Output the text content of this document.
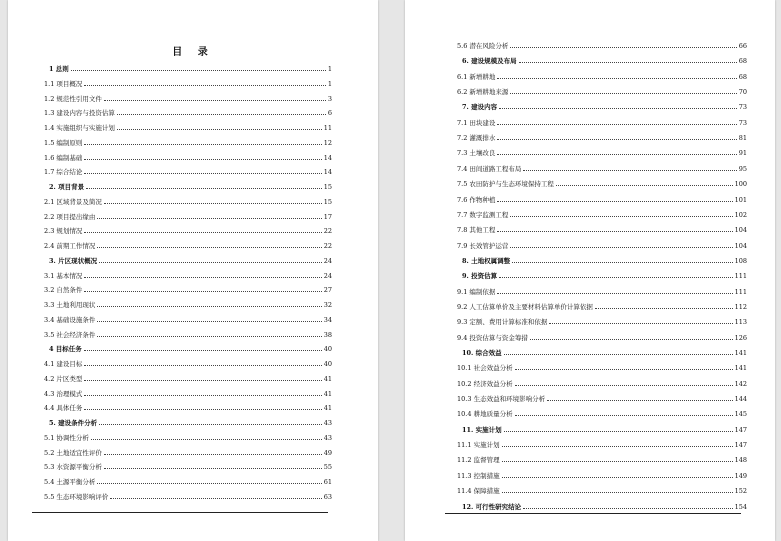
目 录
1 总则	1
1.1 项目概况	1
1.2 规范性引用文件	3
1.3 建设内容与投资估算	6
1.4 实施组织与实施计划	11
1.5 编制原则	12
1.6 编制基础	14
1.7 综合结论	14
2. 项目背景	15
2.1 区域背景及简况	15
2.2 项目提出缘由	17
2.3 规划情况	22
2.4 前期工作情况	22
3. 片区现状概况	24
3.1 基本情况	24
3.2 自然条件	27
3.3 土地利用现状	32
3.4 基础设施条件	34
3.5 社会经济条件	38
4 目标任务	40
4.1 建设目标	40
4.2 片区类型	41
4.3 治理模式	41
4.4 具体任务	41
5. 建设条件分析	43
5.1 协调性分析	43
5.2 土地适宜性评价	49
5.3 水资源平衡分析	55
5.4 土源平衡分析	61
5.5 生态环境影响评价	63
5.6 潜在风险分析	66
6. 建设规模及布局	68
6.1 新增耕地	68
6.2 新增耕地来源	70
7. 建设内容	73
7.1 田块建设	73
7.2 灌溉排水	81
7.3 土壤改良	91
7.4 田间道路工程布局	95
7.5 农田防护与生态环境保持工程	100
7.6 作物种植	101
7.7 数字监测工程	102
7.8 其他工程	104
7.9 长效管护运营	104
8. 土地权属调整	108
9. 投资估算	111
9.1 编制依据	111
9.2 人工估算单价及主要材料估算单价计算依据	112
9.3 定额、费用计算标准和依据	113
9.4 投资估算与资金筹措	126
10. 综合效益	141
10.1 社会效益分析	141
10.2 经济效益分析	142
10.3 生态效益和环境影响分析	144
10.4 耕地质量分析	145
11. 实施计划	147
11.1 实施计划	147
11.2 监督管理	148
11.3 控制措施	149
11.4 保障措施	152
12. 可行性研究结论	154
